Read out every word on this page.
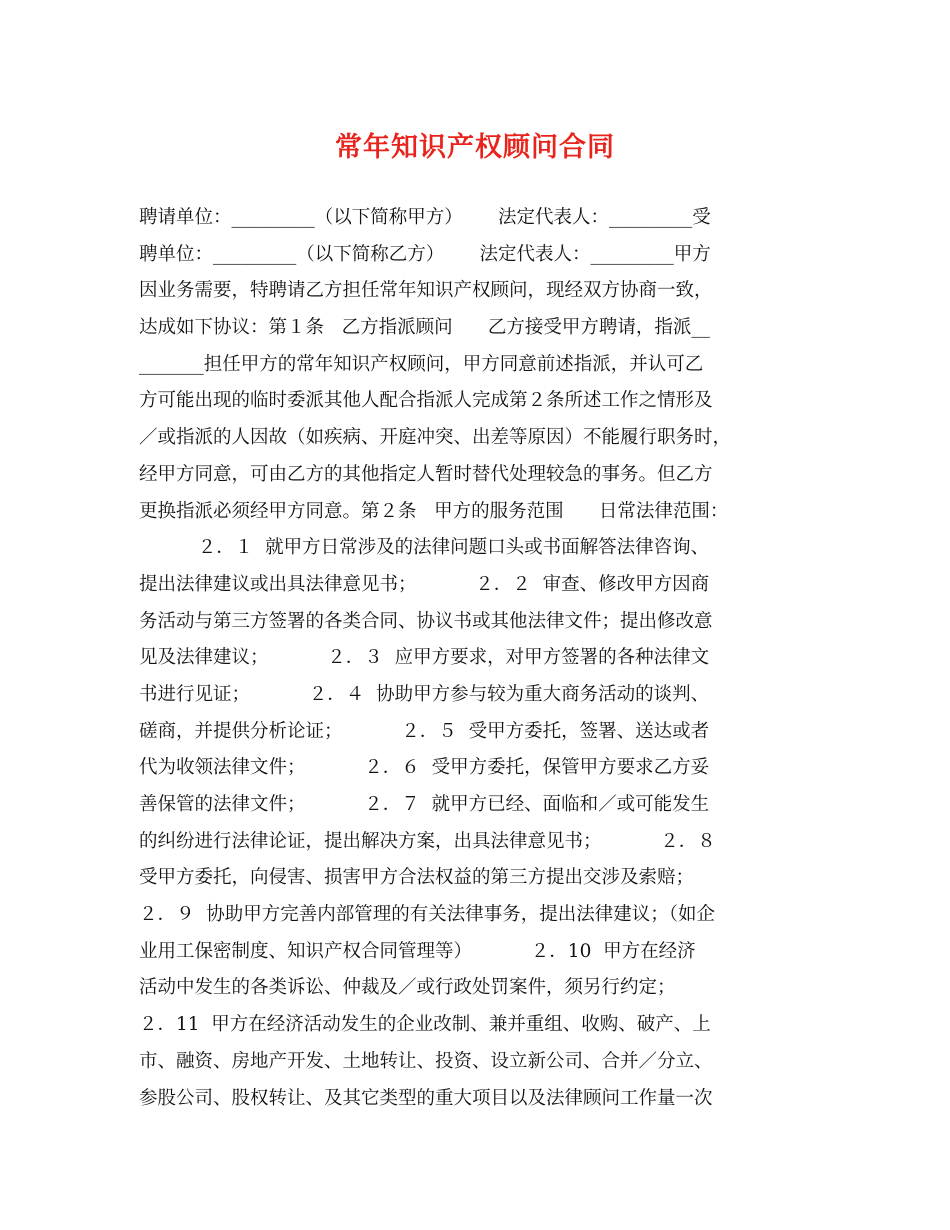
常年知识产权顾问合同
聘请单位：_________（以下简称甲方）      法定代表人：_________受
聘单位：_________（以下简称乙方）      法定代表人：_________甲方
因业务需要，特聘请乙方担任常年知识产权顾问，现经双方协商一致，
达成如下协议：第１条   乙方指派顾问      乙方接受甲方聘请，指派__
_______担任甲方的常年知识产权顾问，甲方同意前述指派，并认可乙
方可能出现的临时委派其他人配合指派人完成第２条所述工作之情形及
／或指派的人因故（如疾病、开庭冲突、出差等原因）不能履行职务时，
经甲方同意，可由乙方的其他指定人暂时替代处理较急的事务。但乙方
更换指派必须经甲方同意。第２条   甲方的服务范围      日常法律范围：
２．１  就甲方日常涉及的法律问题口头或书面解答法律咨询、
提出法律建议或出具法律意见书；          ２．２  审查、修改甲方因商
务活动与第三方签署的各类合同、协议书或其他法律文件；提出修改意
见及法律建议；          ２．３  应甲方要求，对甲方签署的各种法律文
书进行见证；          ２．４  协助甲方参与较为重大商务活动的谈判、
磋商，并提供分析论证；          ２．５  受甲方委托，签署、送达或者
代为收领法律文件；          ２．６  受甲方委托，保管甲方要求乙方妥
善保管的法律文件；          ２．７  就甲方已经、面临和／或可能发生
的纠纷进行法律论证，提出解决方案，出具法律意见书；          ２．８
受甲方委托，向侵害、损害甲方合法权益的第三方提出交涉及索赔；
２．９  协助甲方完善内部管理的有关法律事务，提出法律建议；（如企
业用工保密制度、知识产权合同管理等）          ２．10  甲方在经济
活动中发生的各类诉讼、仲裁及／或行政处罚案件，须另行约定；
２．11  甲方在经济活动发生的企业改制、兼并重组、收购、破产、上
市、融资、房地产开发、土地转让、投资、设立新公司、合并／分立、
参股公司、股权转让、及其它类型的重大项目以及法律顾问工作量一次
